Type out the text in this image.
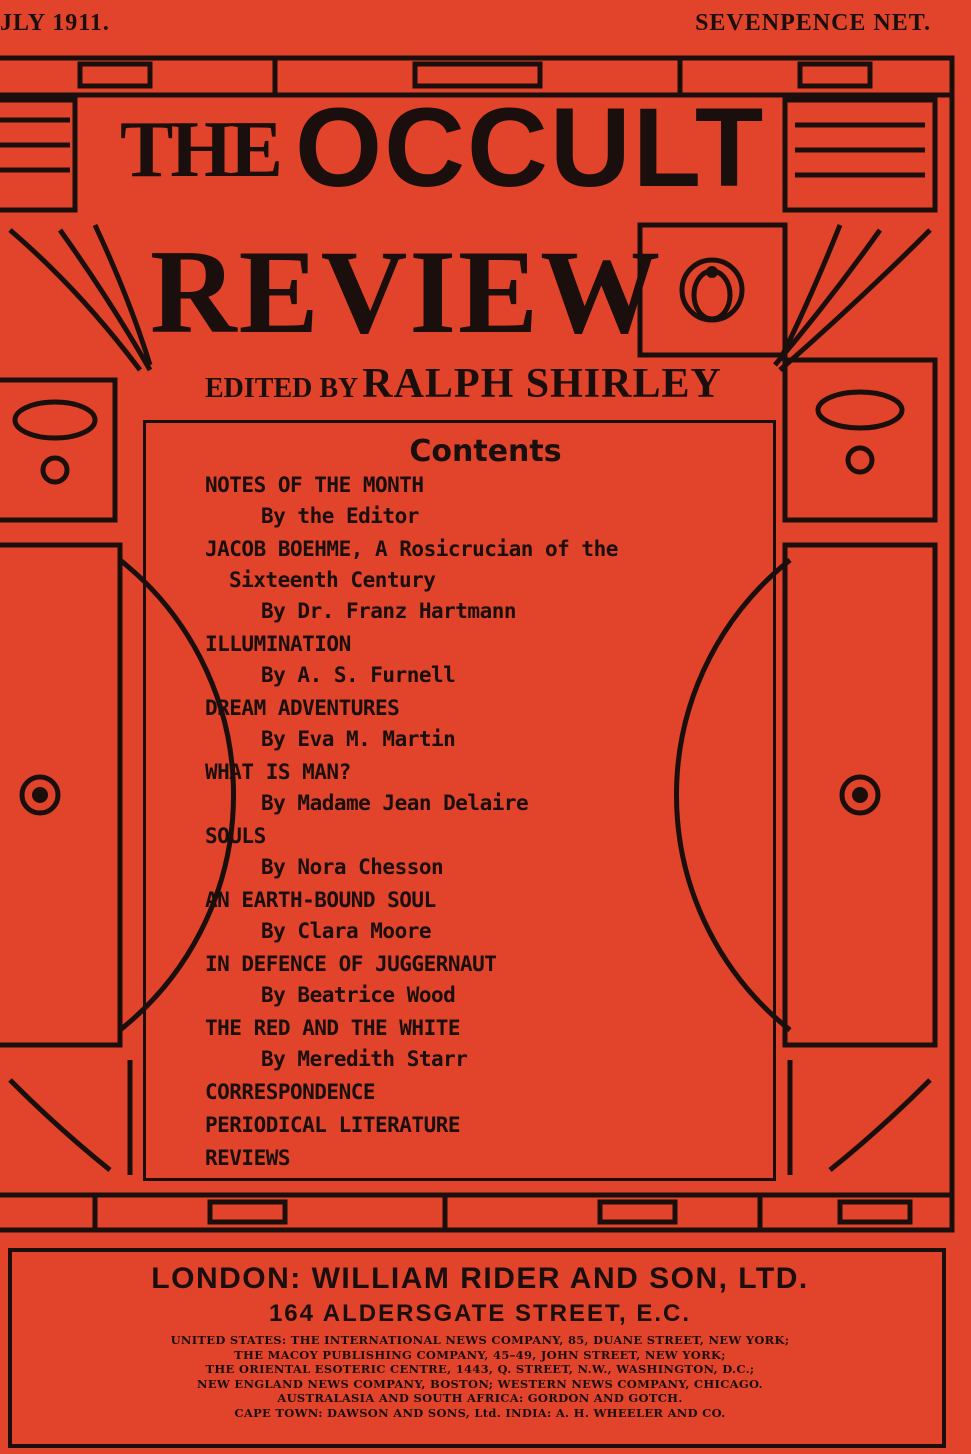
JLY 1911.	SEVENPENCE NET.
THE OCCULT
REVIEW
EDITED BY RALPH SHIRLEY
Contents
NOTES OF THE MONTH
By the Editor
JACOB BOEHME, A Rosicrucian of the
Sixteenth Century
By Dr. Franz Hartmann
ILLUMINATION
By A. S. Furnell
DREAM ADVENTURES
By Eva M. Martin
WHAT IS MAN?
By Madame Jean Delaire
SOULS
By Nora Chesson
AN EARTH-BOUND SOUL
By Clara Moore
IN DEFENCE OF JUGGERNAUT
By Beatrice Wood
THE RED AND THE WHITE
By Meredith Starr
CORRESPONDENCE
PERIODICAL LITERATURE
REVIEWS
LONDON: WILLIAM RIDER AND SON, LTD.
164 ALDERSGATE STREET, E.C.
UNITED STATES: THE INTERNATIONAL NEWS COMPANY, 85, DUANE STREET, NEW YORK;
THE MACOY PUBLISHING COMPANY, 45–49, JOHN STREET, NEW YORK;
THE ORIENTAL ESOTERIC CENTRE, 1443, Q. STREET, N.W., WASHINGTON, D.C.;
NEW ENGLAND NEWS COMPANY, BOSTON; WESTERN NEWS COMPANY, CHICAGO.
AUSTRALASIA AND SOUTH AFRICA: GORDON AND GOTCH.
CAPE TOWN: DAWSON AND SONS, Ltd. INDIA: A. H. WHEELER AND CO.
